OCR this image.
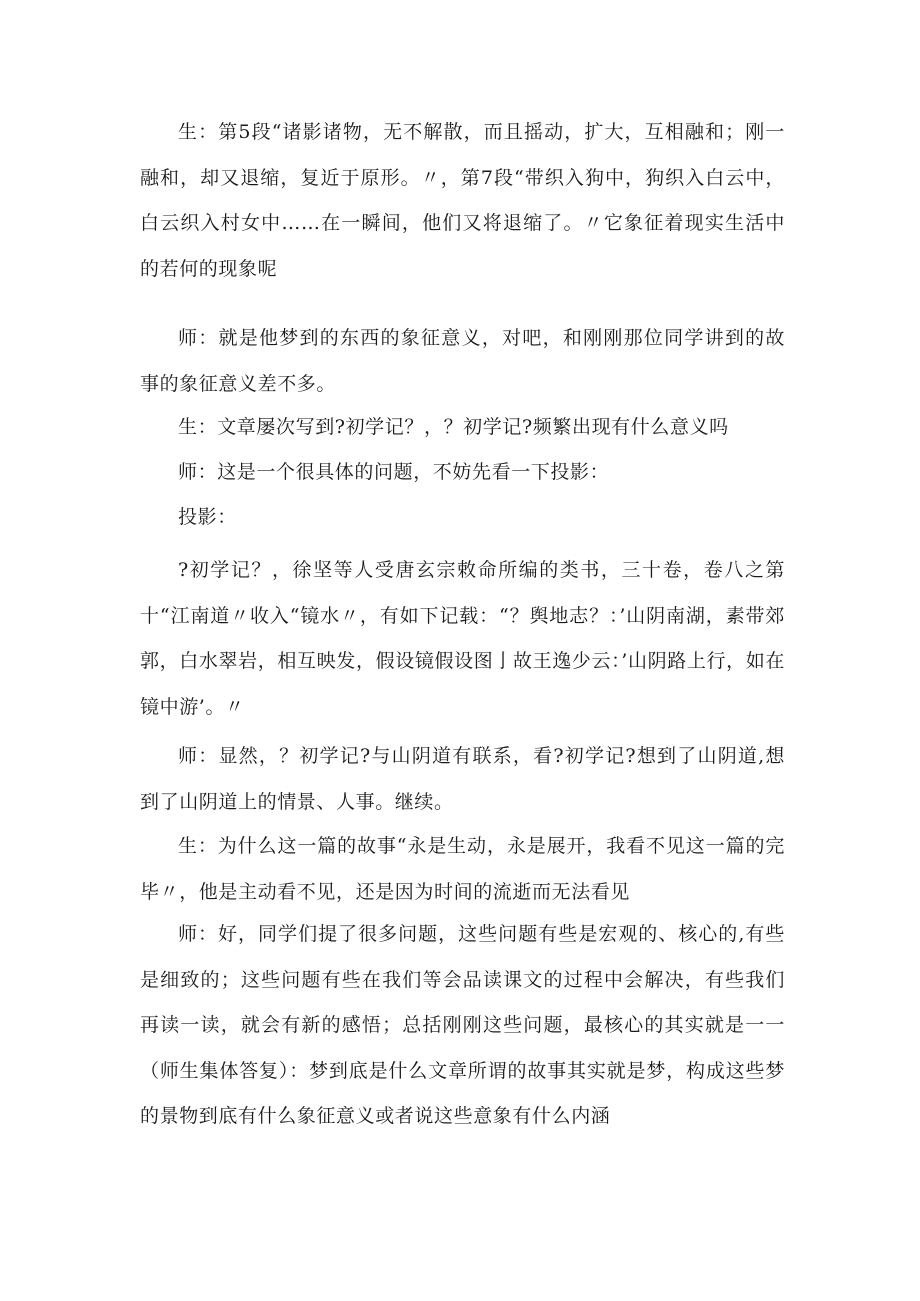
生：第5段“诸影诸物，无不解散，而且摇动，扩大，互相融和；刚一融和，却又退缩，复近于原形。〃，第7段“带织入狗中，狗织入白云中，白云织入村女中……在一瞬间，他们又将退缩了。〃它象征着现实生活中的若何的现象呢

师：就是他梦到的东西的象征意义，对吧，和刚刚那位同学讲到的故事的象征意义差不多。

生：文章屡次写到?初学记？，？初学记?频繁出现有什么意义吗

师：这是一个很具体的问题，不妨先看一下投影：

投影：

?初学记？，徐坚等人受唐玄宗敕命所编的类书，三十卷，卷八之第十“江南道〃收入“镜水〃，有如下记载：“？舆地志？：’山阴南湖，素带郊郭，白水翠岩，相互映发，假设镜假设图亅故王逸少云：’山阴路上行，如在镜中游’。〃

师：显然，？初学记?与山阴道有联系，看?初学记?想到了山阴道,想到了山阴道上的情景、人事。继续。

生：为什么这一篇的故事“永是生动，永是展开，我看不见这一篇的完毕〃，他是主动看不见，还是因为时间的流逝而无法看见

师：好，同学们提了很多问题，这些问题有些是宏观的、核心的,有些是细致的；这些问题有些在我们等会品读课文的过程中会解决，有些我们再读一读，就会有新的感悟；总括刚刚这些问题，最核心的其实就是一一（师生集体答复）：梦到底是什么文章所谓的故事其实就是梦，构成这些梦的景物到底有什么象征意义或者说这些意象有什么内涵
